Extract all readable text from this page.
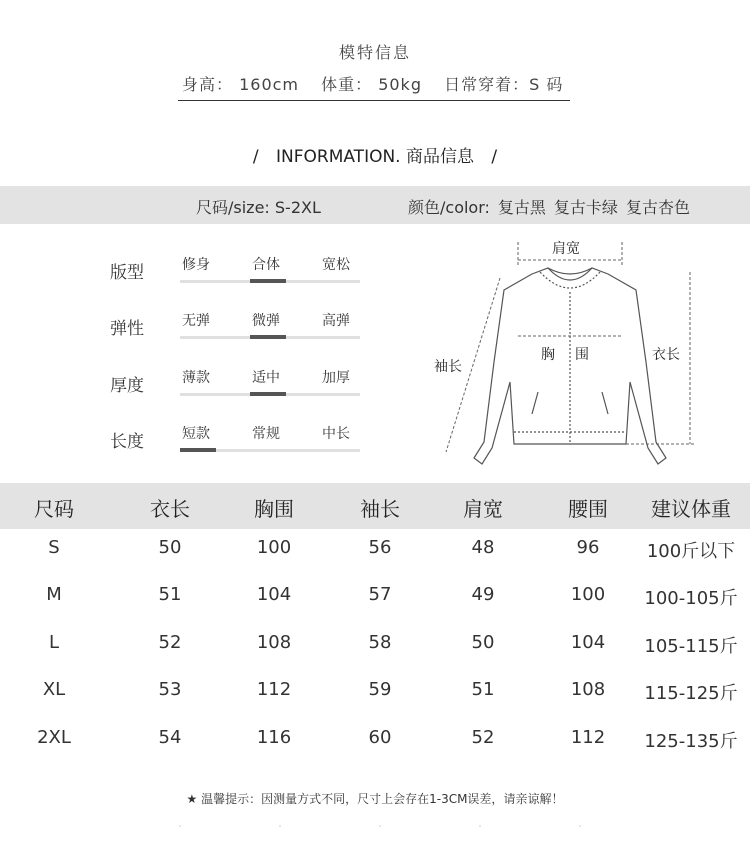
模特信息
身高： 160cm 体重： 50kg 日常穿着：S 码
/ INFORMATION. 商品信息 /
尺码/size: S-2XL	颜色/color: 复古黑 复古卡绿 复古杏色
版型	修身	合体	宽松
弹性	无弹	微弹	高弹
厚度	薄款	适中	加厚
长度	短款	常规	中长
肩宽
胸 围
袖长
衣长
尺码	衣长	胸围	袖长	肩宽	腰围	建议体重
S	50	100	56	48	96	100斤以下
M	51	104	57	49	100	100-105斤
L	52	108	58	50	104	105-115斤
XL	53	112	59	51	108	115-125斤
2XL	54	116	60	52	112	125-135斤
★ 温馨提示：因测量方式不同，尺寸上会存在1-3CM误差，请亲谅解！
